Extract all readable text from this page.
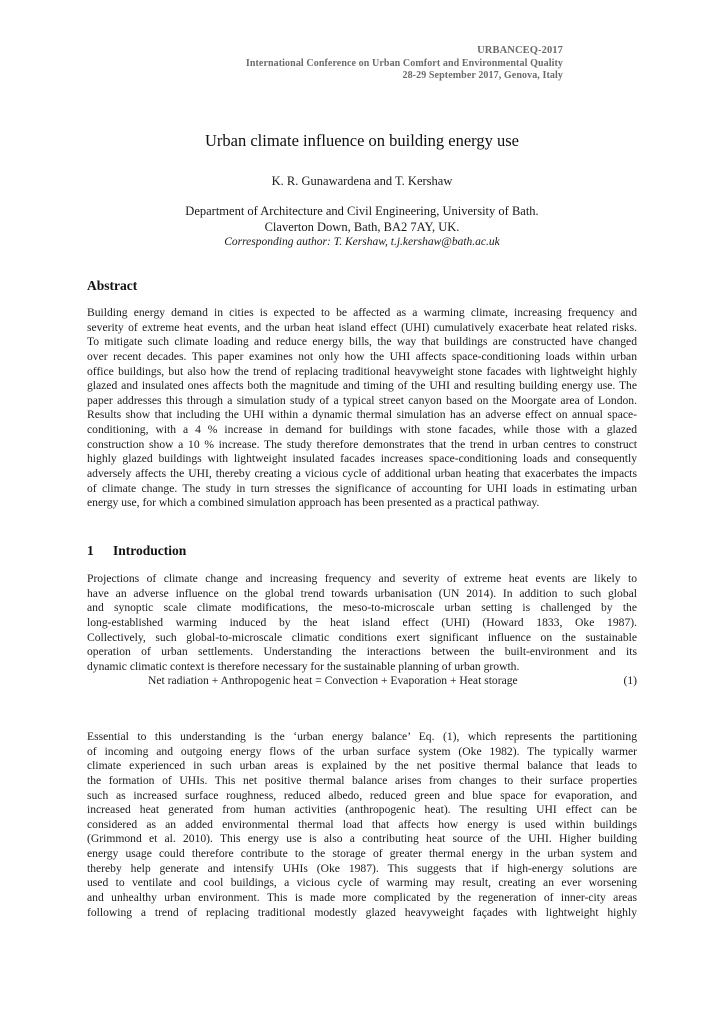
URBANCEQ-2017
International Conference on Urban Comfort and Environmental Quality
28-29 September 2017, Genova, Italy
Urban climate influence on building energy use
K. R. Gunawardena and T. Kershaw
Department of Architecture and Civil Engineering, University of Bath.
Claverton Down, Bath, BA2 7AY, UK.
Corresponding author: T. Kershaw, t.j.kershaw@bath.ac.uk
Abstract
Building energy demand in cities is expected to be affected as a warming climate, increasing frequency and
severity of extreme heat events, and the urban heat island effect (UHI) cumulatively exacerbate heat related risks.
To mitigate such climate loading and reduce energy bills, the way that buildings are constructed have changed
over recent decades. This paper examines not only how the UHI affects space-conditioning loads within urban
office buildings, but also how the trend of replacing traditional heavyweight stone facades with lightweight highly
glazed and insulated ones affects both the magnitude and timing of the UHI and resulting building energy use. The
paper addresses this through a simulation study of a typical street canyon based on the Moorgate area of London.
Results show that including the UHI within a dynamic thermal simulation has an adverse effect on annual space-
conditioning, with a 4 % increase in demand for buildings with stone facades, while those with a glazed
construction show a 10 % increase. The study therefore demonstrates that the trend in urban centres to construct
highly glazed buildings with lightweight insulated facades increases space-conditioning loads and consequently
adversely affects the UHI, thereby creating a vicious cycle of additional urban heating that exacerbates the impacts
of climate change. The study in turn stresses the significance of accounting for UHI loads in estimating urban
energy use, for which a combined simulation approach has been presented as a practical pathway.
1 Introduction
Projections of climate change and increasing frequency and severity of extreme heat events are likely to
have an adverse influence on the global trend towards urbanisation (UN 2014). In addition to such global
and synoptic scale climate modifications, the meso-to-microscale urban setting is challenged by the
long-established warming induced by the heat island effect (UHI) (Howard 1833, Oke 1987).
Collectively, such global-to-microscale climatic conditions exert significant influence on the sustainable
operation of urban settlements. Understanding the interactions between the built-environment and its
dynamic climatic context is therefore necessary for the sustainable planning of urban growth.
Net radiation + Anthropogenic heat = Convection + Evaporation + Heat storage	(1)
Essential to this understanding is the ‘urban energy balance’ Eq. (1), which represents the partitioning
of incoming and outgoing energy flows of the urban surface system (Oke 1982). The typically warmer
climate experienced in such urban areas is explained by the net positive thermal balance that leads to
the formation of UHIs. This net positive thermal balance arises from changes to their surface properties
such as increased surface roughness, reduced albedo, reduced green and blue space for evaporation, and
increased heat generated from human activities (anthropogenic heat). The resulting UHI effect can be
considered as an added environmental thermal load that affects how energy is used within buildings
(Grimmond et al. 2010). This energy use is also a contributing heat source of the UHI. Higher building
energy usage could therefore contribute to the storage of greater thermal energy in the urban system and
thereby help generate and intensify UHIs (Oke 1987). This suggests that if high-energy solutions are
used to ventilate and cool buildings, a vicious cycle of warming may result, creating an ever worsening
and unhealthy urban environment. This is made more complicated by the regeneration of inner-city areas
following a trend of replacing traditional modestly glazed heavyweight façades with lightweight highly
